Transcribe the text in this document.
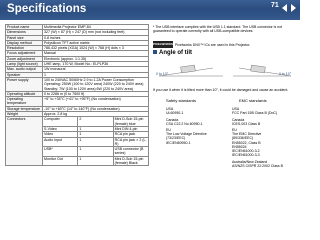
Specifications	71
Product name	Multimedia Projector EMP-84		
Dimensions	327 (W) × 87 (H) × 247 (D) mm (not including feet)		
Panel size	0.8 inches		
Display method	Polysilicon TFT active matrix		
Resolution	786,432 pixels (XGA) 1024 (W) × 768 (H) dots × 3		
Focus adjustment	Manual		
Zoom adjustment	Electronic (approx. 1:1.35)		
Lamp (light source)	UHE lamp, 170 W, Model No.: ELPLP36		
Max. audio output	1W monaural		
Speaker	1		
Power supply	100 to 240VAC 50/60Hz 2.9 to 1.2A Power Consumption Operating: 250W (100 to 120V area) 240W (220 to 240V area) Standby: 7W (100 to 120V area) 6W (220 to 240V area)		
Operating altitude	0 to 2286 m (0 to 7500 ft)		
Operating temperature	+5° to +35°C (+41° to +95°F) (No condensation)		
Storage temperature	-10° to +60°C (14° to 140°F) (No condensation)		
Weight	Approx. 2.8 kg		
Connectors	Computer	2	Mini D-Sub 15-pin (female) blue
	S-Video	1	Mini DIN 4-pin
	Video	1	RCA pin jack
	Audio Input	1	RCA pin jack × 2 (L, R)
	USB*	1	USB connector (B series)
	Monitor Out	1	Mini D-Sub 15-pin (female) Black
* The USB interface complies with the USB 1.1 standard. The USB connector is not guaranteed to operate correctly with all USB-compatible devices.
PIXELWORKS Pixelworks DNX™ ICs are used in this Projector.
Angle of tilt
0 to 10°	0 to 10°
If you use it when it is tilted more than 10°, it could be damaged and cause an accident.
Safety standards	EMC standards
USA
UL60950-1
Canada
CSA C22.2 No.60950-1
EU
The Low Voltage Directive
(73/23/EEC)
IEC/EN60950-1
USA
FCC Part 15B Class B (DoC)
Canada
ICES-003 Class B
EU
The EMC Directive
(89/336/EEC)
EN55022, Class B
EN55024
IEC/EN61000-3-2
IEC/EN61000-3-3
Australia/New Zealand
AS/NZS CISPR 22:2002 Class B
